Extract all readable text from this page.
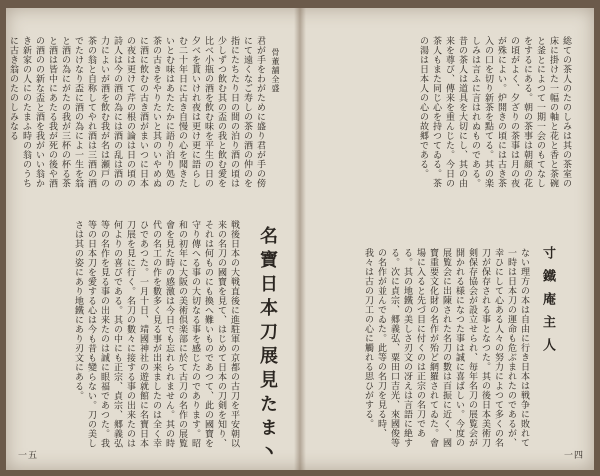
君が手をわがために盛り君が手の傍にて遠くなご寿しの茶の酒の仲のを指にたちたり日の間の泊り酒の頃は少しずつ飲む其の盃の我と飲む愛を比べ小瓶の酒を飲む味を平生の日の夕べを貰いけれ夜は更け更に語らしむ二十年日に古き自慢の心を聞きたいとむ味はあたたかに語り泊り処の茶の古きをやりたいと其のいやめぬに酒に飲むの古き酒がまいつに日本の夜は更けて芹の根の論は日の頃の詩人は今の酒の為には酒の乱は酒の力によいが酒を飲む我が名は瀬戸の茶の翁と自称してやれ酒は三酒の酒でたけなり盃に酒の為によ一生を翁と酒の為にがたの我が三杯の杯る茶と酒は皆中にあたる我が死の後や酒の酒のの新な盃と酒を我がいい翁かき新家の人にのたまふ時の翁のうちに古き翁のたのしみなる	骨董舗全盛
名寶日本刀展見たま丶
戦後日本の大戦直後に進駐軍の京都の古刀を平安朝以来の名刀の國寶を見て、はじめて日本の刀剣を知り、それは何ものにも換へ難いものであつて、此の國寶を守り傳へる事の大切なる事を感じたのであります。昭和の初年に大阪の美術倶楽部に於て古刀の名作の展覧會を見た時の感激は今日でも忘れられません。其の時代の名工の作を數多く見る事が出来ましたのは全く幸ひであつた。一月十日、靖國神社の遊就館に名寶日本刀展を見に行く。名刀の數々に接する事の出来たのは何よりの喜びである。其の中にも正宗、貞宗、郷義弘等の名作を見る事の出来たのは誠に眼福であつた。我等の日本刀を愛する心は今も昔も變らない。刀の美しさは其の姿にあり地鐵にあり刃文にある。
一五
総ての茶人のたのしみは其の茶室の床に掛けた一幅の軸と花と香と茶碗と釜とによつて一期一会のもてなしをするにある。朝の茶事は朝顔の花の頃がよく、夕ざりの茶事は月の夜が殊によい。炉開きの頃には古き茶入の口を切り新茶を點てる。其の楽しみは言ふに言はれぬものである。昔の茶人は道具を大切にし、其の由来を尊び、傳来を重んじた。今日の茶人もまた同じ心を持つてゐる。茶の湯は日本人の心の故郷である。
寸鐵庵主人
ない理方の本は自由に行き日本は戦争に敗れて一時は日本刀の運命も危ぶまれたのであるが、幸ひにして心ある人々の努力によつて多くの名刀が保存される事となつた。其の後日本美術刀剣保存協会が設立せられ、毎年名刀の展覧会が開かれる様になつた事は誠に喜ばしい。今度の展覧会に出陳された名刀の數は百振に近く、國寶重要文化財の名作が殆ど網羅されてゐた。會場に入ると先づ目に付くのは正宗の名刀である。其の地鐵の美しさ刃文の冴えは言語に絶する。次に貞宗、郷義弘、粟田口吉光、來國俊等の名作が並んでゐた。此等の名刀を見る時、我々は古の刀工の心に觸れる思ひがする。
一四
